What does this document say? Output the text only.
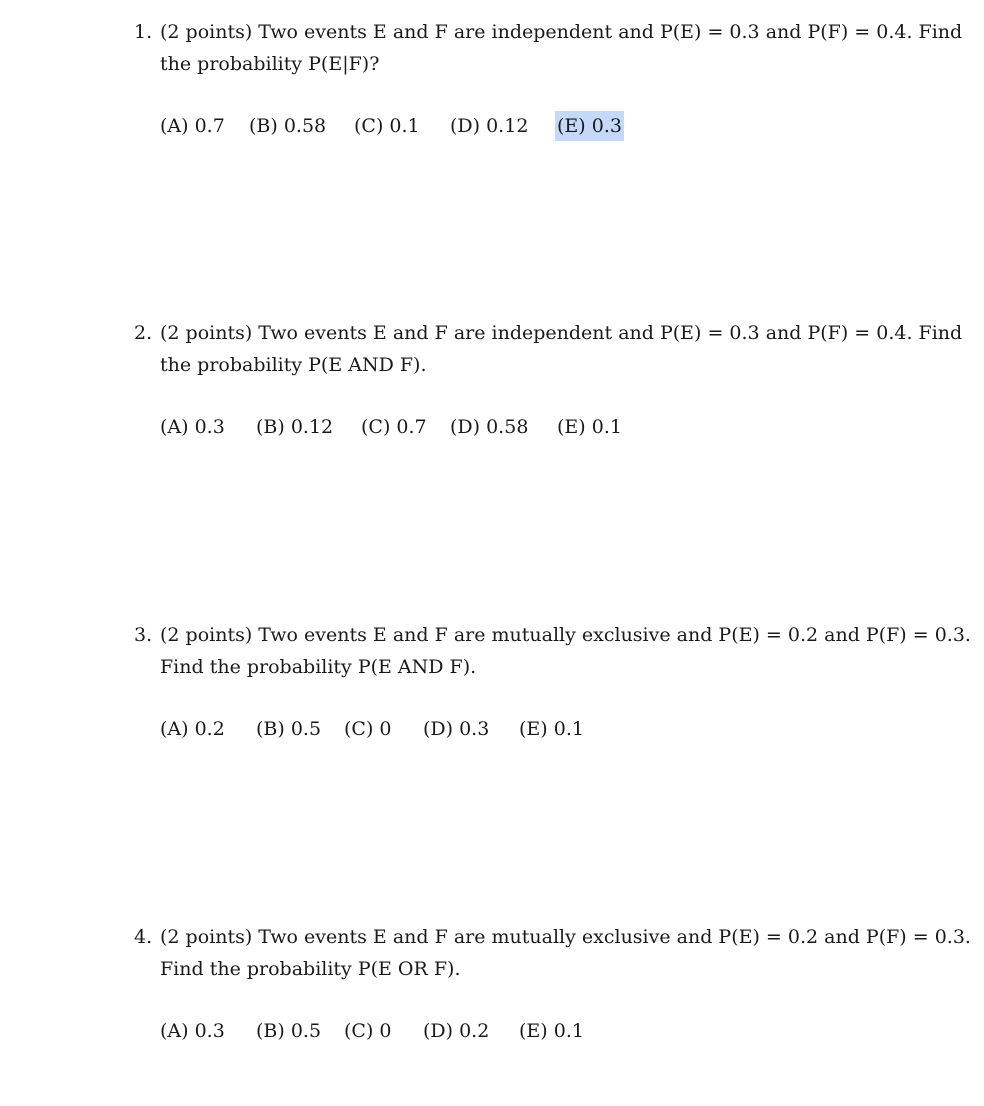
1. (2 points) Two events E and F are independent and P(E) = 0.3 and P(F) = 0.4. Find
the probability P(E|F)?
(A) 0.7 (B) 0.58 (C) 0.1 (D) 0.12 (E) 0.3
2. (2 points) Two events E and F are independent and P(E) = 0.3 and P(F) = 0.4. Find
the probability P(E AND F).
(A) 0.3 (B) 0.12 (C) 0.7 (D) 0.58 (E) 0.1
3. (2 points) Two events E and F are mutually exclusive and P(E) = 0.2 and P(F) = 0.3.
Find the probability P(E AND F).
(A) 0.2 (B) 0.5 (C) 0 (D) 0.3 (E) 0.1
4. (2 points) Two events E and F are mutually exclusive and P(E) = 0.2 and P(F) = 0.3.
Find the probability P(E OR F).
(A) 0.3 (B) 0.5 (C) 0 (D) 0.2 (E) 0.1
